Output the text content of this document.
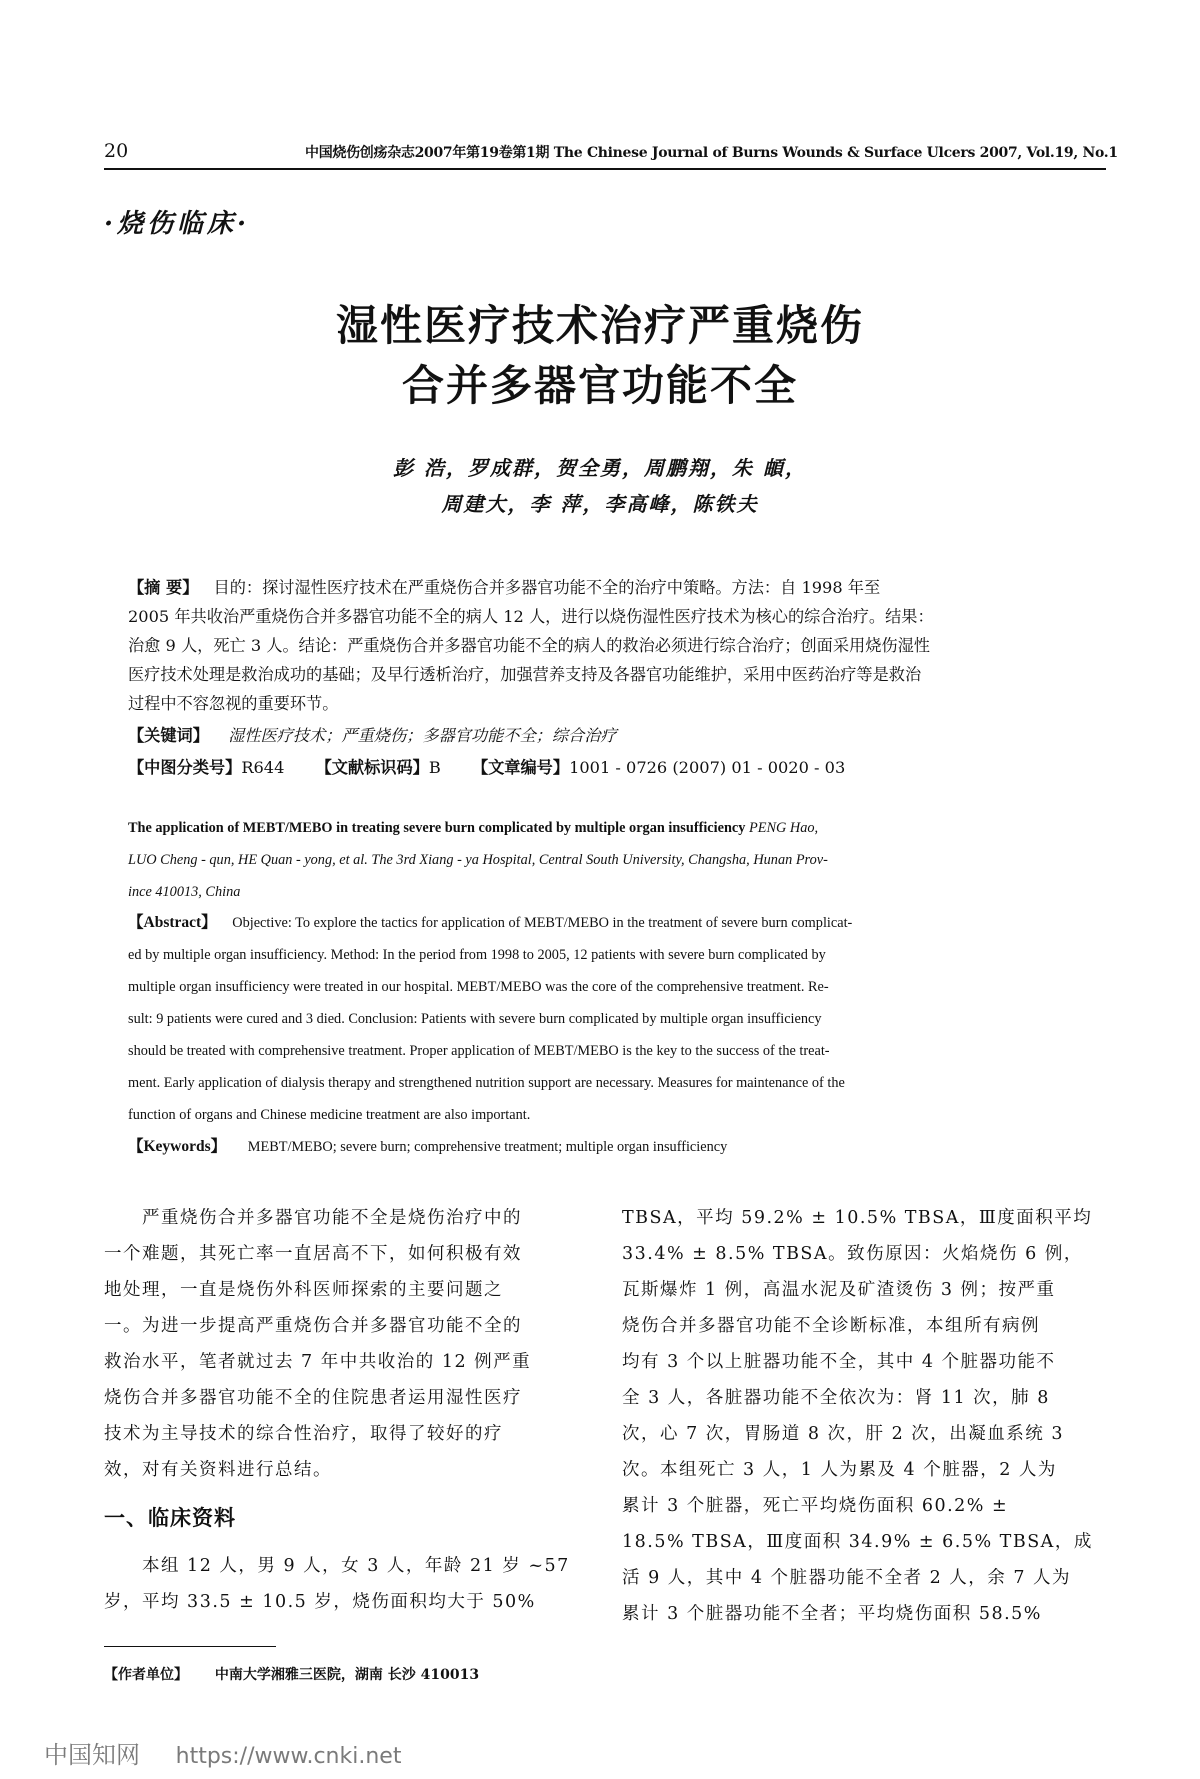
20	中国烧伤创疡杂志2007年第19卷第1期 The Chinese Journal of Burns Wounds & Surface Ulcers 2007, Vol.19, No.1
·烧伤临床·
湿性医疗技术治疗严重烧伤
合并多器官功能不全
彭 浩，罗成群，贺全勇，周鹏翔，朱 頔，
周建大，李 萍，李高峰，陈铁夫
【摘 要】 目的：探讨湿性医疗技术在严重烧伤合并多器官功能不全的治疗中策略。方法：自 1998 年至
2005 年共收治严重烧伤合并多器官功能不全的病人 12 人，进行以烧伤湿性医疗技术为核心的综合治疗。结果：
治愈 9 人，死亡 3 人。结论：严重烧伤合并多器官功能不全的病人的救治必须进行综合治疗；创面采用烧伤湿性
医疗技术处理是救治成功的基础；及早行透析治疗，加强营养支持及各器官功能维护，采用中医药治疗等是救治
过程中不容忽视的重要环节。
【关键词】 湿性医疗技术；严重烧伤；多器官功能不全；综合治疗
【中图分类号】R644 【文献标识码】B 【文章编号】1001 - 0726 (2007) 01 - 0020 - 03
The application of MEBT/MEBO in treating severe burn complicated by multiple organ insufficiency PENG Hao,
LUO Cheng - qun, HE Quan - yong, et al. The 3rd Xiang - ya Hospital, Central South University, Changsha, Hunan Prov-
ince 410013, China
【Abstract】 Objective: To explore the tactics for application of MEBT/MEBO in the treatment of severe burn complicat-
ed by multiple organ insufficiency. Method: In the period from 1998 to 2005, 12 patients with severe burn complicated by
multiple organ insufficiency were treated in our hospital. MEBT/MEBO was the core of the comprehensive treatment. Re-
sult: 9 patients were cured and 3 died. Conclusion: Patients with severe burn complicated by multiple organ insufficiency
should be treated with comprehensive treatment. Proper application of MEBT/MEBO is the key to the success of the treat-
ment. Early application of dialysis therapy and strengthened nutrition support are necessary. Measures for maintenance of the
function of organs and Chinese medicine treatment are also important.
【Keywords】 MEBT/MEBO; severe burn; comprehensive treatment; multiple organ insufficiency
　　严重烧伤合并多器官功能不全是烧伤治疗中的
一个难题，其死亡率一直居高不下，如何积极有效
地处理，一直是烧伤外科医师探索的主要问题之
一。为进一步提高严重烧伤合并多器官功能不全的
救治水平，笔者就过去 7 年中共收治的 12 例严重
烧伤合并多器官功能不全的住院患者运用湿性医疗
技术为主导技术的综合性治疗，取得了较好的疗
效，对有关资料进行总结。
一、临床资料
　　本组 12 人，男 9 人，女 3 人，年龄 21 岁 ~57
岁，平均 33.5 ± 10.5 岁，烧伤面积均大于 50%
TBSA，平均 59.2% ± 10.5% TBSA，Ⅲ度面积平均
33.4% ± 8.5% TBSA。致伤原因：火焰烧伤 6 例，
瓦斯爆炸 1 例，高温水泥及矿渣烫伤 3 例；按严重
烧伤合并多器官功能不全诊断标准，本组所有病例
均有 3 个以上脏器功能不全，其中 4 个脏器功能不
全 3 人，各脏器功能不全依次为：肾 11 次，肺 8
次，心 7 次，胃肠道 8 次，肝 2 次，出凝血系统 3
次。本组死亡 3 人，1 人为累及 4 个脏器，2 人为
累计 3 个脏器，死亡平均烧伤面积 60.2% ±
18.5% TBSA，Ⅲ度面积 34.9% ± 6.5% TBSA，成
活 9 人，其中 4 个脏器功能不全者 2 人，余 7 人为
累计 3 个脏器功能不全者；平均烧伤面积 58.5%
【作者单位】 中南大学湘雅三医院，湖南 长沙 410013
中国知网 https://www.cnki.net
